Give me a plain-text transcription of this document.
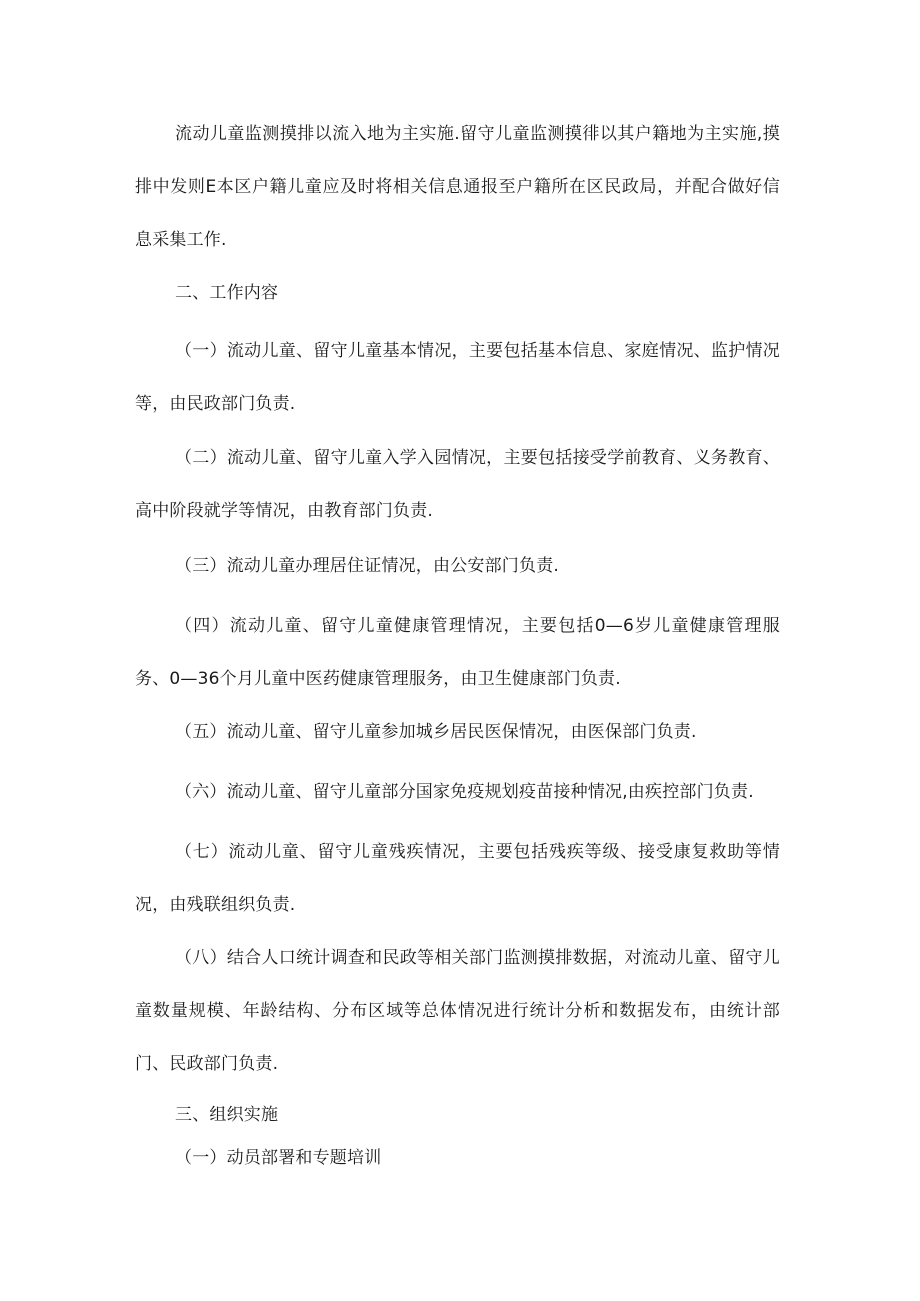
流动儿童监测摸排以流入地为主实施.留守儿童监测摸徘以其户籍地为主实施,摸排中发则E本区户籍儿童应及时将相关信息通报至户籍所在区民政局，并配合做好信息采集工作.

二、工作内容

（一）流动儿童、留守儿童基本情况，主要包括基本信息、家庭情况、监护情况等，由民政部门负责.

（二）流动儿童、留守儿童入学入园情况，主要包括接受学前教育、义务教育、高中阶段就学等情况，由教育部门负责.

（三）流动儿童办理居住证情况，由公安部门负责.

（四）流动儿童、留守儿童健康管理情况，主要包括0—6岁儿童健康管理服务、0—36个月儿童中医药健康管理服务，由卫生健康部门负责.

（五）流动儿童、留守儿童参加城乡居民医保情况，由医保部门负责.

（六）流动儿童、留守儿童部分国家免疫规划疫苗接种情况,由疾控部门负责.

（七）流动儿童、留守儿童残疾情况，主要包括残疾等级、接受康复救助等情况，由残联组织负责.

（八）结合人口统计调查和民政等相关部门监测摸排数据，对流动儿童、留守儿童数量规模、年龄结构、分布区域等总体情况进行统计分析和数据发布，由统计部门、民政部门负责.

三、组织实施

（一）动员部署和专题培训
